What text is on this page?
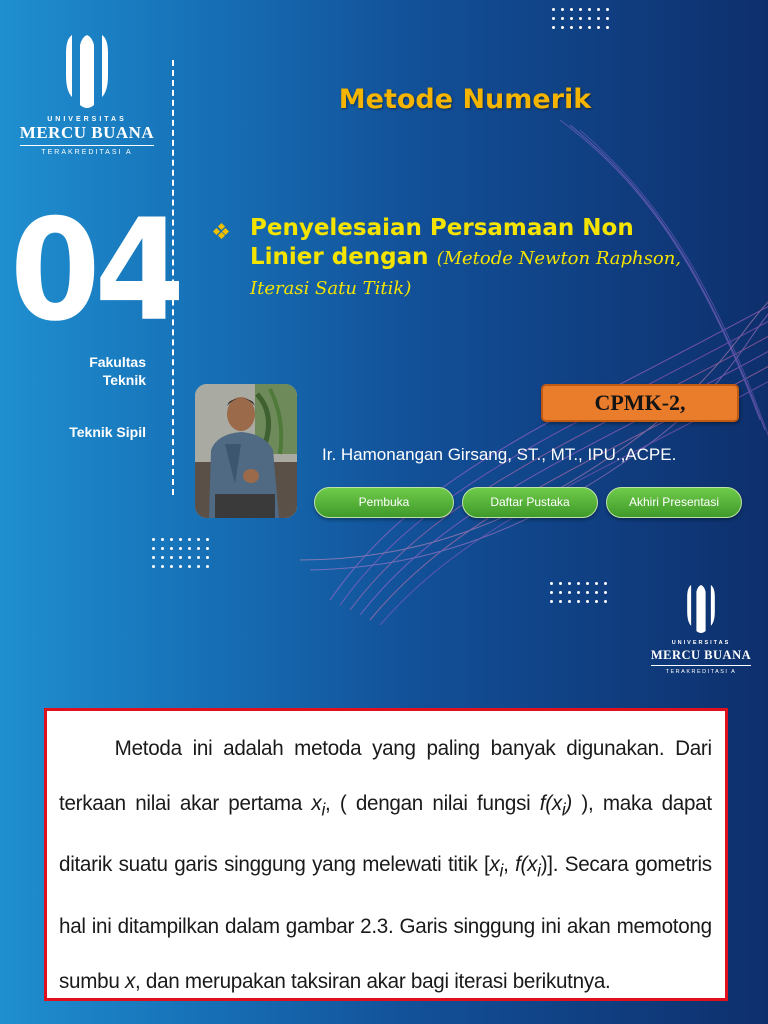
UNIVERSITAS
MERCU BUANA
TERAKREDITASI A
04
Fakultas
Teknik
Teknik Sipil
Metode Numerik
Penyelesaian Persamaan Non Linier dengan (Metode Newton Raphson, Iterasi Satu Titik)
CPMK-2,
Ir. Hamonangan Girsang, ST., MT., IPU.,ACPE.
Pembuka	Daftar Pustaka	Akhiri Presentasi
UNIVERSITAS
MERCU BUANA
TERAKREDITASI A

Metoda ini adalah metoda yang paling banyak digunakan. Dari terkaan nilai akar pertama $x_i$, ( dengan nilai fungsi $f(x_i)$ ), maka dapat ditarik suatu garis singgung yang melewati titik [$x_i$, $f(x_i)$]. Secara gometris hal ini ditampilkan dalam gambar 2.3. Garis singgung ini akan memotong sumbu x, dan merupakan taksiran akar bagi iterasi berikutnya.
